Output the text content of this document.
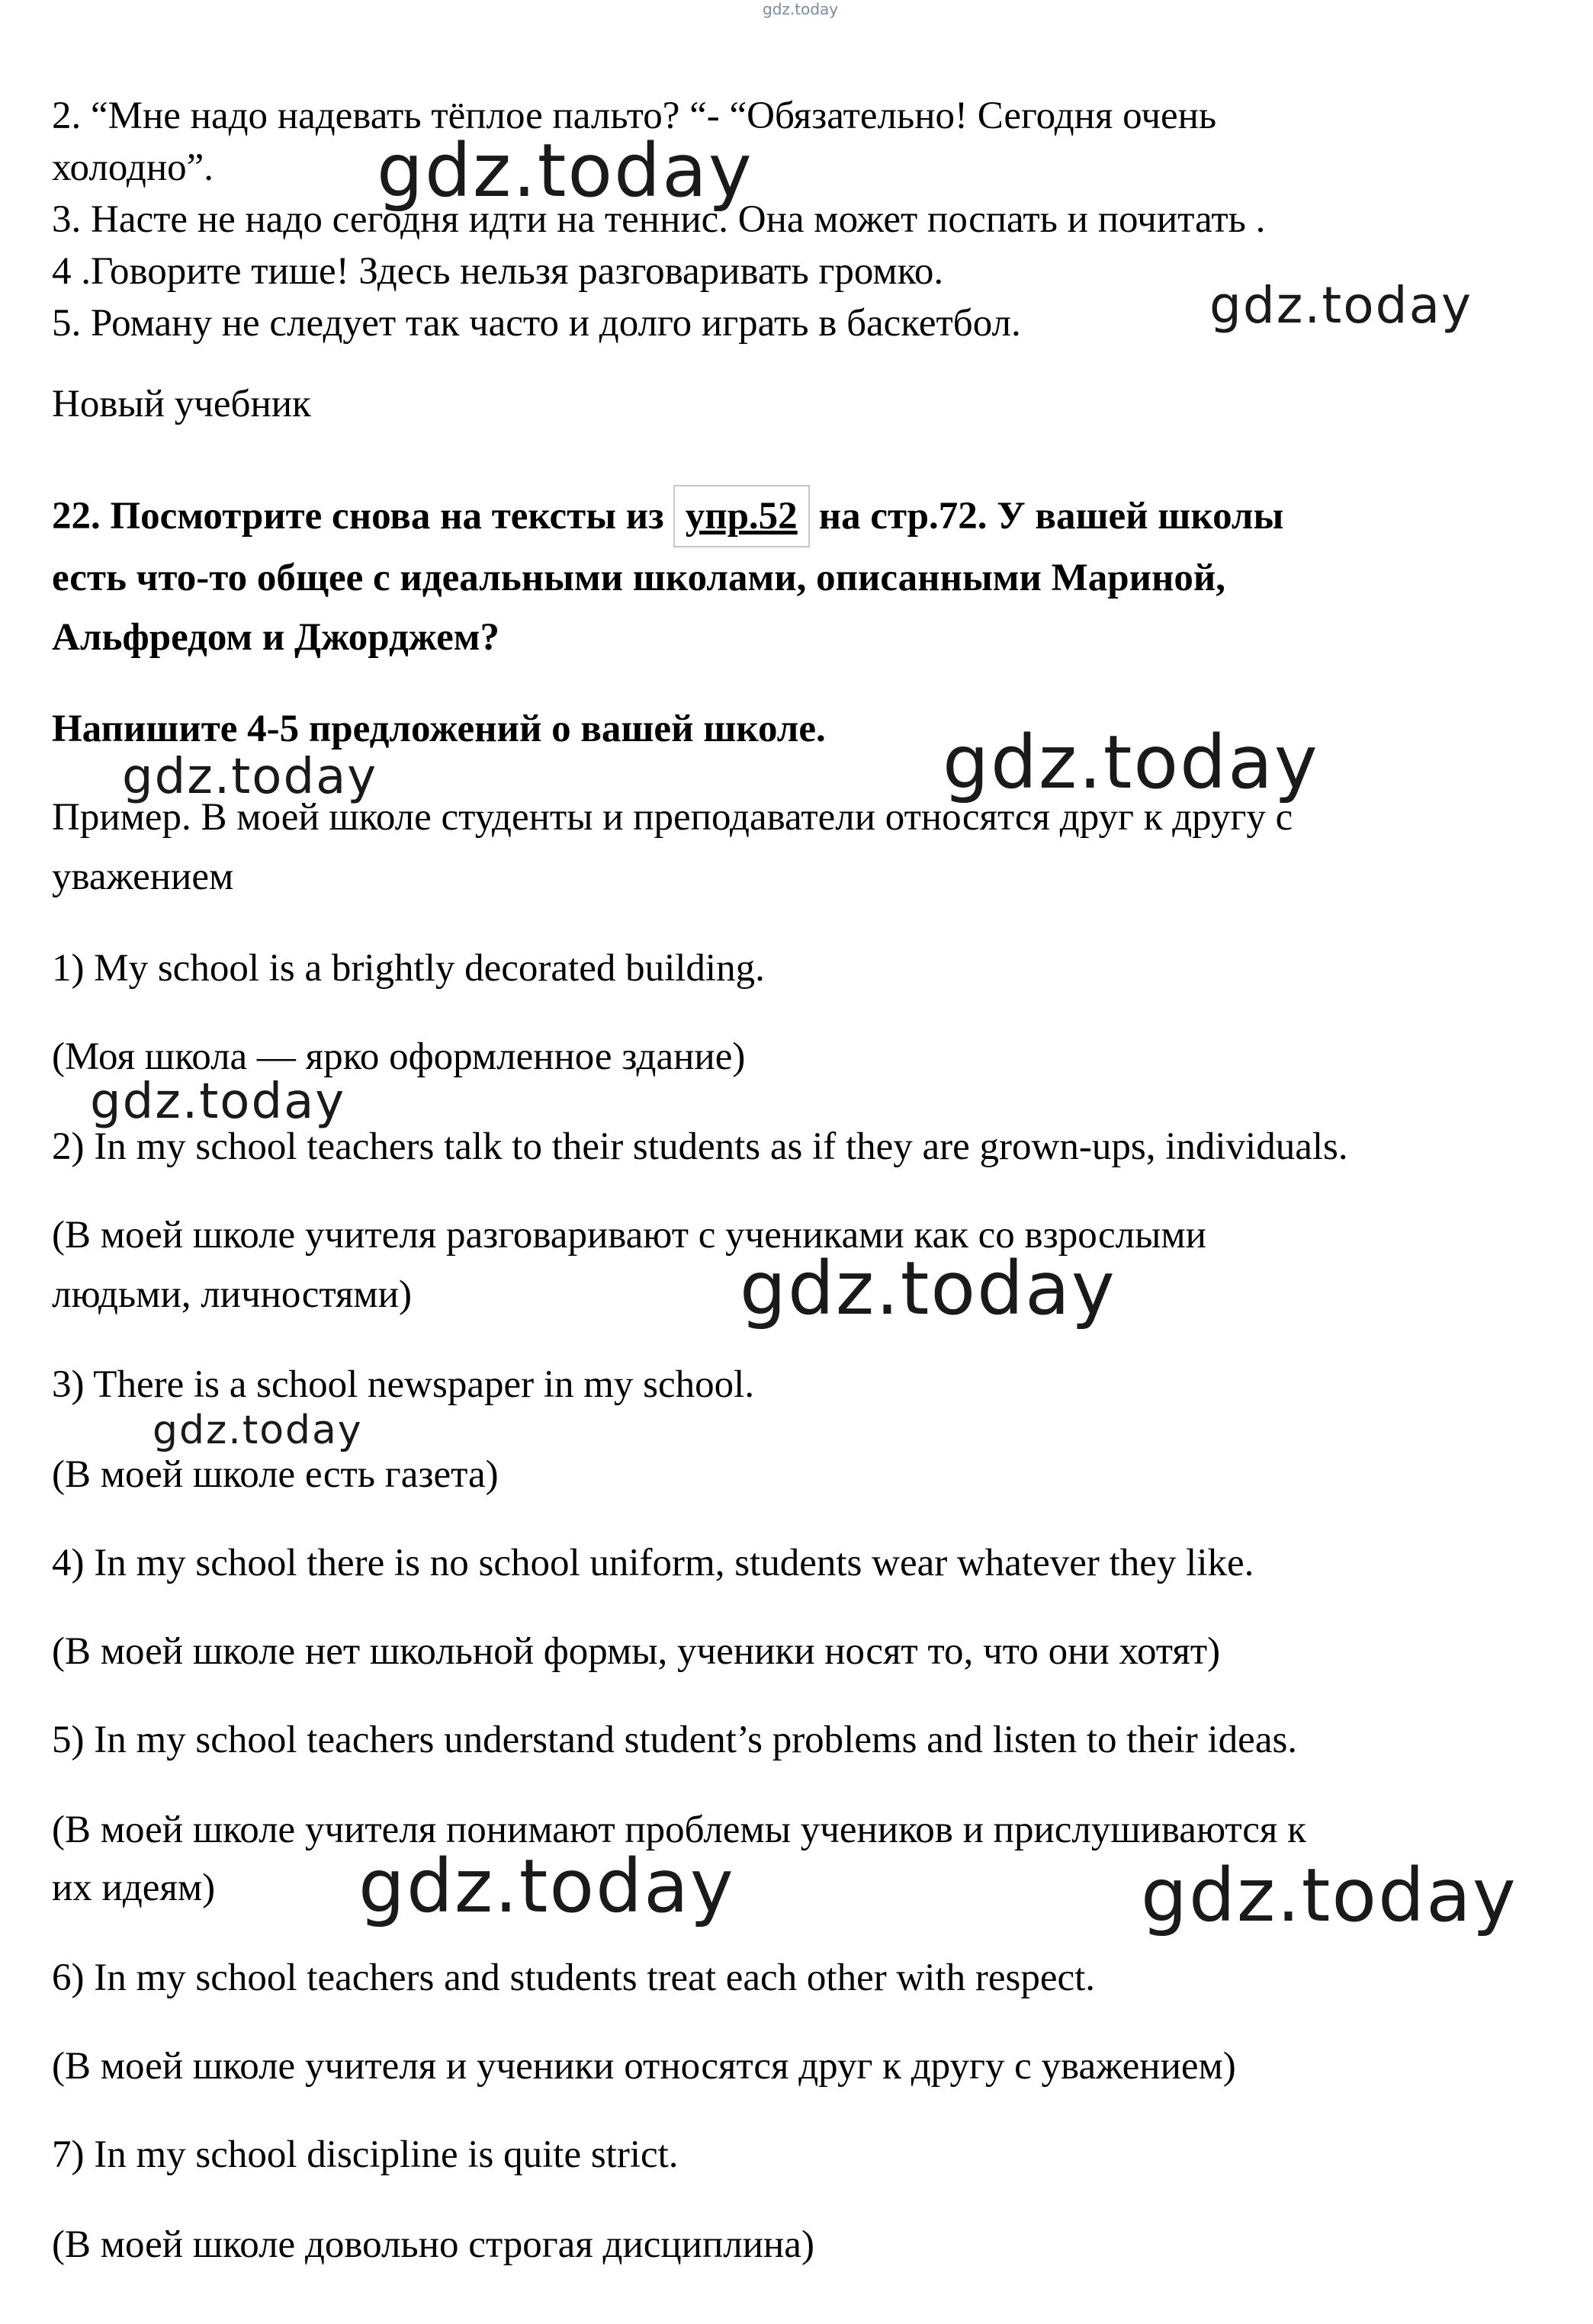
gdz.today
2. “Мне надо надевать тёплое пальто? “- “Обязательно! Сегодня очень
холодно”.
3. Насте не надо сегодня идти на теннис. Она может поспать и почитать .
4 .Говорите тише! Здесь нельзя разговаривать громко.
5. Роману не следует так часто и долго играть в баскетбол.
Новый учебник
22. Посмотрите снова на тексты из упр.52 на стр.72. У вашей школы
есть что-то общее с идеальными школами, описанными Мариной,
Альфредом и Джорджем?
Напишите 4-5 предложений о вашей школе.
Пример. В моей школе студенты и преподаватели относятся друг к другу с
уважением
1) My school is a brightly decorated building.
(Моя школа — ярко оформленное здание)
2) In my school teachers talk to their students as if they are grown-ups, individuals.
(В моей школе учителя разговаривают с учениками как со взрослыми
людьми, личностями)
3) There is a school newspaper in my school.
(В моей школе есть газета)
4) In my school there is no school uniform, students wear whatever they like.
(В моей школе нет школьной формы, ученики носят то, что они хотят)
5) In my school teachers understand student’s problems and listen to their ideas.
(В моей школе учителя понимают проблемы учеников и прислушиваются к
их идеям)
6) In my school teachers and students treat each other with respect.
(В моей школе учителя и ученики относятся друг к другу с уважением)
7) In my school discipline is quite strict.
(В моей школе довольно строгая дисциплина)
gdz.today
gdz.today
gdz.today	gdz.today
gdz.today
gdz.today
gdz.today
gdz.today	gdz.today
